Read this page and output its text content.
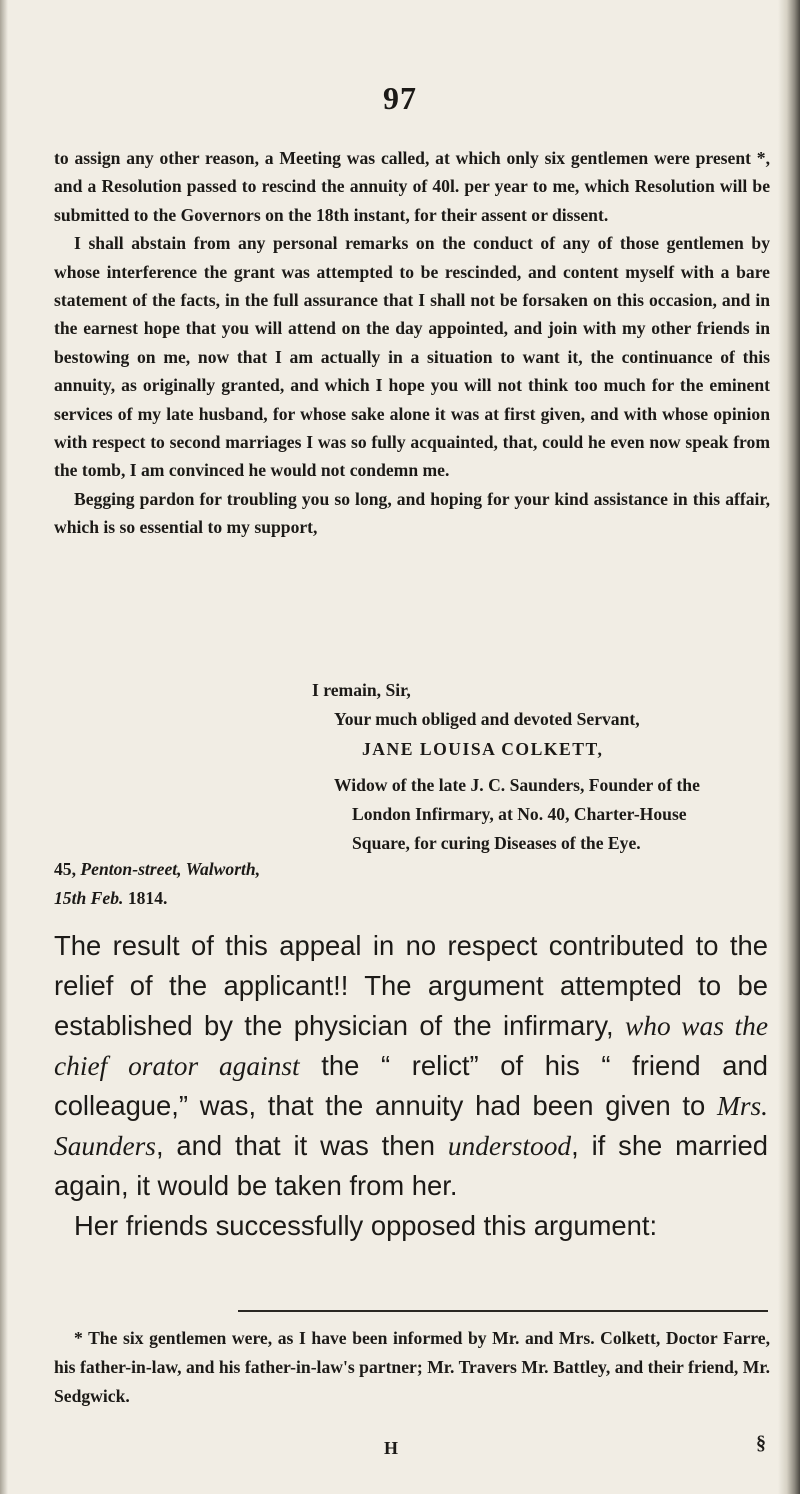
97

to assign any other reason, a Meeting was called, at which only six gentlemen were present *, and a Resolution passed to rescind the annuity of 40l. per year to me, which Resolution will be submitted to the Governors on the 18th instant, for their assent or dissent.

I shall abstain from any personal remarks on the conduct of any of those gentlemen by whose interference the grant was attempted to be rescinded, and content myself with a bare statement of the facts, in the full assurance that I shall not be forsaken on this occasion, and in the earnest hope that you will attend on the day appointed, and join with my other friends in bestowing on me, now that I am actually in a situation to want it, the continuance of this annuity, as originally granted, and which I hope you will not think too much for the eminent services of my late husband, for whose sake alone it was at first given, and with whose opinion with respect to second marriages I was so fully acquainted, that, could he even now speak from the tomb, I am convinced he would not condemn me.

Begging pardon for troubling you so long, and hoping for your kind assistance in this affair, which is so essential to my support,

I remain, Sir,
Your much obliged and devoted Servant,
JANE LOUISA COLKETT,
Widow of the late J. C. Saunders, Founder of the
London Infirmary, at No. 40, Charter-House
Square, for curing Diseases of the Eye.
45, Penton-street, Walworth,
15th Feb. 1814.

The result of this appeal in no respect contributed to the relief of the applicant!! The argument attempted to be established by the physician of the infirmary, who was the chief orator against the “ relict” of his “ friend and colleague,” was, that the annuity had been given to Mrs. Saunders, and that it was then understood, if she married again, it would be taken from her.

Her friends successfully opposed this argument:

* The six gentlemen were, as I have been informed by Mr. and Mrs. Colkett, Doctor Farre, his father-in-law, and his father-in-law's partner; Mr. Travers Mr. Battley, and their friend, Mr. Sedgwick.

H	§
